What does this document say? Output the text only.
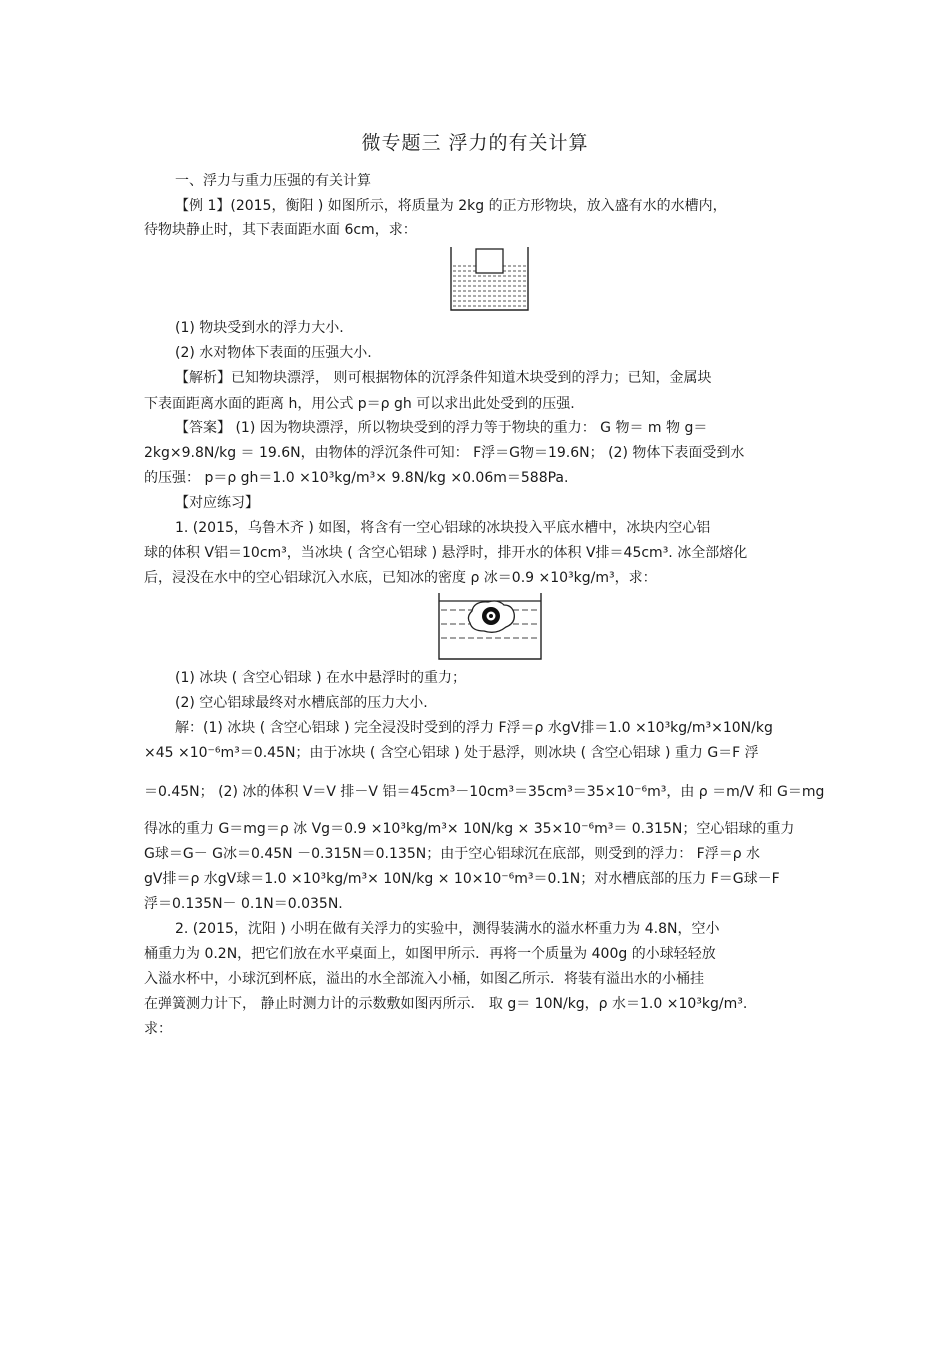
微专题三 浮力的有关计算
一、浮力与重力压强的有关计算
【例 1】(2015，衡阳 ) 如图所示，将质量为 2kg 的正方形物块，放入盛有水的水槽内，
待物块静止时，其下表面距水面 6cm，求：
(1) 物块受到水的浮力大小.
(2) 水对物体下表面的压强大小.
【解析】已知物块漂浮， 则可根据物体的沉浮条件知道木块受到的浮力；已知，金属块
下表面距离水面的距离 h，用公式 p＝ρ gh 可以求出此处受到的压强.
【答案】 (1) 因为物块漂浮，所以物块受到的浮力等于物块的重力： G 物＝ m 物 g＝
2kg×9.8N/kg ＝ 19.6N，由物体的浮沉条件可知： F浮＝G物＝19.6N； (2) 物体下表面受到水
的压强： p＝ρ gh＝1.0 ×10³kg/m³× 9.8N/kg ×0.06m＝588Pa.
【对应练习】
1. (2015，乌鲁木齐 ) 如图，将含有一空心铝球的冰块投入平底水槽中，冰块内空心铝
球的体积 V铝＝10cm³，当冰块 ( 含空心铝球 ) 悬浮时，排开水的体积 V排＝45cm³. 冰全部熔化
后，浸没在水中的空心铝球沉入水底，已知冰的密度 ρ 冰＝0.9 ×10³kg/m³，求：
(1) 冰块 ( 含空心铝球 ) 在水中悬浮时的重力；
(2) 空心铝球最终对水槽底部的压力大小.
解：(1) 冰块 ( 含空心铝球 ) 完全浸没时受到的浮力 F浮＝ρ 水gV排＝1.0 ×10³kg/m³×10N/kg
×45 ×10⁻⁶m³＝0.45N；由于冰块 ( 含空心铝球 ) 处于悬浮，则冰块 ( 含空心铝球 ) 重力 G＝F 浮
＝0.45N； (2) 冰的体积 V＝V 排－V 铝＝45cm³－10cm³＝35cm³＝35×10⁻⁶m³，由 ρ ＝m/V 和 G＝mg
得冰的重力 G＝mg＝ρ 冰 Vg＝0.9 ×10³kg/m³× 10N/kg × 35×10⁻⁶m³＝ 0.315N；空心铝球的重力
G球＝G－ G冰＝0.45N －0.315N＝0.135N；由于空心铝球沉在底部，则受到的浮力： F浮＝ρ 水
gV排＝ρ 水gV球＝1.0 ×10³kg/m³× 10N/kg × 10×10⁻⁶m³＝0.1N；对水槽底部的压力 F＝G球－F
浮＝0.135N－ 0.1N＝0.035N.
2. (2015，沈阳 ) 小明在做有关浮力的实验中，测得装满水的溢水杯重力为 4.8N，空小
桶重力为 0.2N，把它们放在水平桌面上，如图甲所示．再将一个质量为 400g 的小球轻轻放
入溢水杯中，小球沉到杯底，溢出的水全部流入小桶，如图乙所示．将装有溢出水的小桶挂
在弹簧测力计下， 静止时测力计的示数敷如图丙所示． 取 g＝ 10N/kg，ρ 水＝1.0 ×10³kg/m³.
求：
